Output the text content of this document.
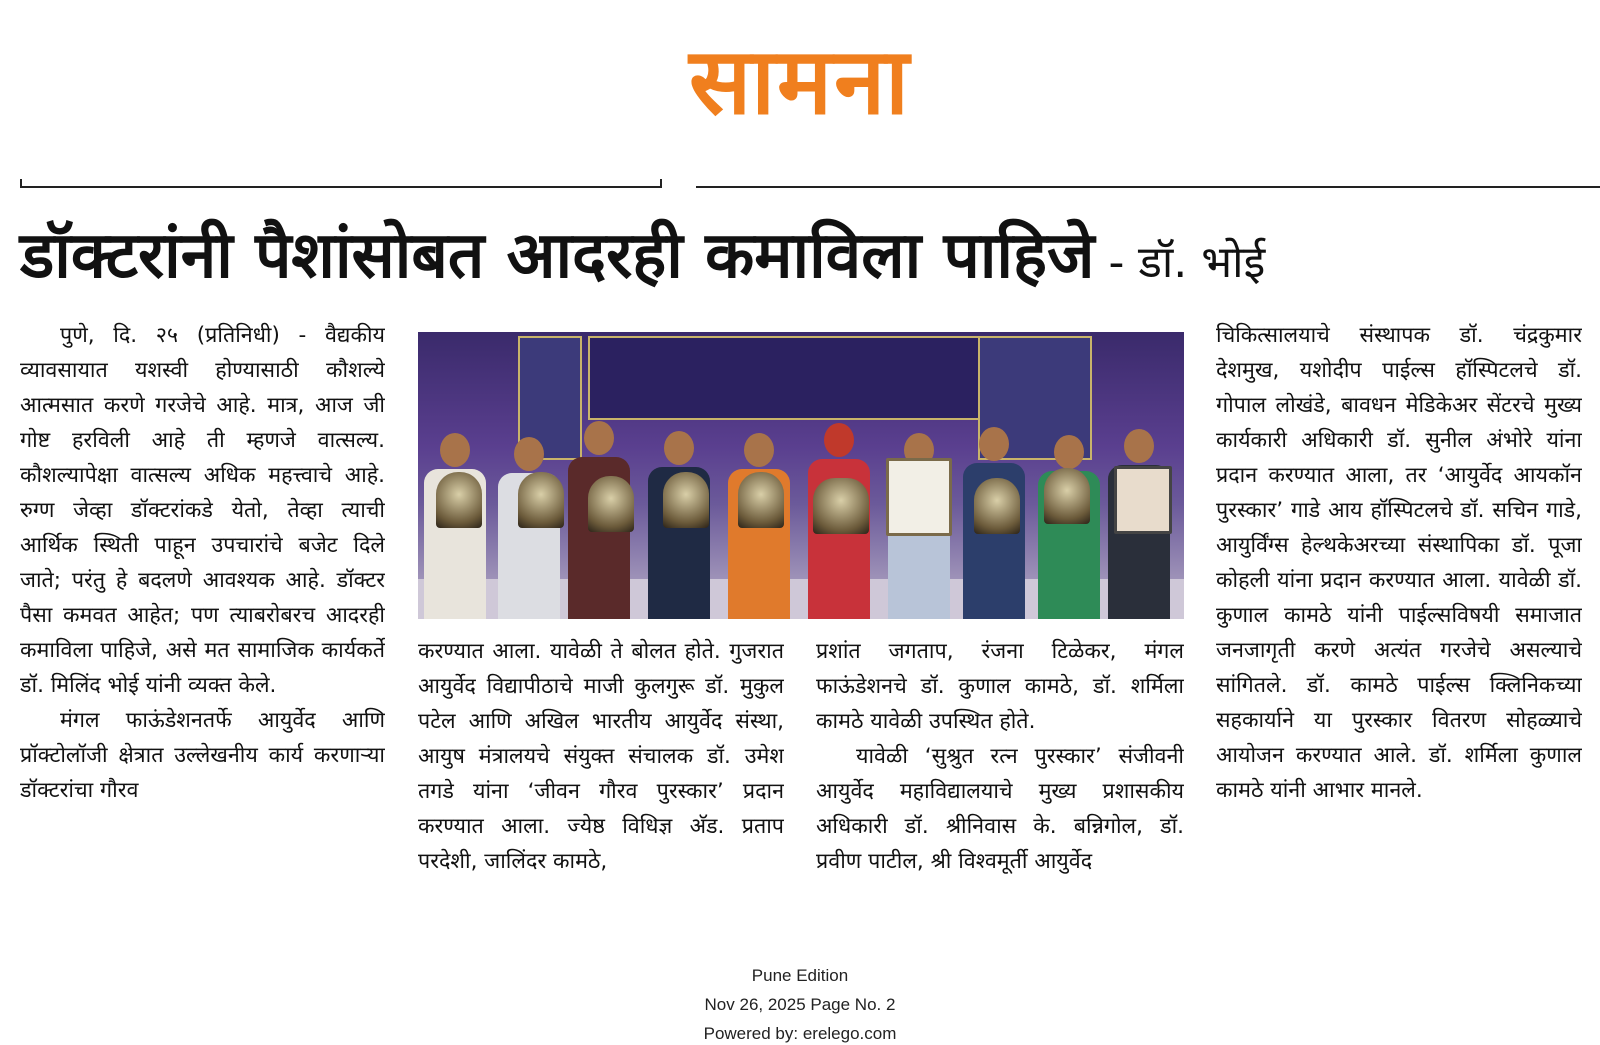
सामना
डॉक्टरांनी पैशांसोबत आदरही कमाविला पाहिजे - डॉ. भोई

पुणे, दि. २५ (प्रतिनिधी) - वैद्यकीय व्यावसायात यशस्वी होण्यासाठी कौशल्ये आत्मसात करणे गरजेचे आहे. मात्र, आज जी गोष्ट हरविली आहे ती म्हणजे वात्सल्य. कौशल्यापेक्षा वात्सल्य अधिक महत्त्वाचे आहे. रुग्ण जेव्हा डॉक्टरांकडे येतो, तेव्हा त्याची आर्थिक स्थिती पाहून उपचारांचे बजेट दिले जाते; परंतु हे बदलणे आवश्यक आहे. डॉक्टर पैसा कमवत आहेत; पण त्याबरोबरच आदरही कमाविला पाहिजे, असे मत सामाजिक कार्यकर्ते डॉ. मिलिंद भोई यांनी व्यक्त केले.

मंगल फाऊंडेशनतर्फे आयुर्वेद आणि प्रॉक्टोलॉजी क्षेत्रात उल्लेखनीय कार्य करणाऱ्या डॉक्टरांचा गौरव

करण्यात आला. यावेळी ते बोलत होते. गुजरात आयुर्वेद विद्यापीठाचे माजी कुलगुरू डॉ. मुकुल पटेल आणि अखिल भारतीय आयुर्वेद संस्था, आयुष मंत्रालयचे संयुक्त संचालक डॉ. उमेश तगडे यांना ‘जीवन गौरव पुरस्कार’ प्रदान करण्यात आला. ज्येष्ठ विधिज्ञ अ‍ॅड. प्रताप परदेशी, जालिंदर कामठे,

प्रशांत जगताप, रंजना टिळेकर, मंगल फाऊंडेशनचे डॉ. कुणाल कामठे, डॉ. शर्मिला कामठे यावेळी उपस्थित होते.

यावेळी ‘सुश्रुत रत्न पुरस्कार’ संजीवनी आयुर्वेद महाविद्यालयाचे मुख्य प्रशासकीय अधिकारी डॉ. श्रीनिवास के. बन्निगोल, डॉ. प्रवीण पाटील, श्री विश्वमूर्ती आयुर्वेद

चिकित्सालयाचे संस्थापक डॉ. चंद्रकुमार देशमुख, यशोदीप पाईल्स हॉस्पिटलचे डॉ. गोपाल लोखंडे, बावधन मेडिकेअर सेंटरचे मुख्य कार्यकारी अधिकारी डॉ. सुनील अंभोरे यांना प्रदान करण्यात आला, तर ‘आयुर्वेद आयकॉन पुरस्कार’ गाडे आय हॉस्पिटलचे डॉ. सचिन गाडे, आयुर्विंग्स हेल्थकेअरच्या संस्थापिका डॉ. पूजा कोहली यांना प्रदान करण्यात आला. यावेळी डॉ. कुणाल कामठे यांनी पाईल्सविषयी समाजात जनजागृती करणे अत्यंत गरजेचे असल्याचे सांगितले. डॉ. कामठे पाईल्स क्लिनिकच्या सहकार्याने या पुरस्कार वितरण सोहळ्याचे आयोजन करण्यात आले. डॉ. शर्मिला कुणाल कामठे यांनी आभार मानले.

Pune Edition
Nov 26, 2025 Page No. 2
Powered by: erelego.com
